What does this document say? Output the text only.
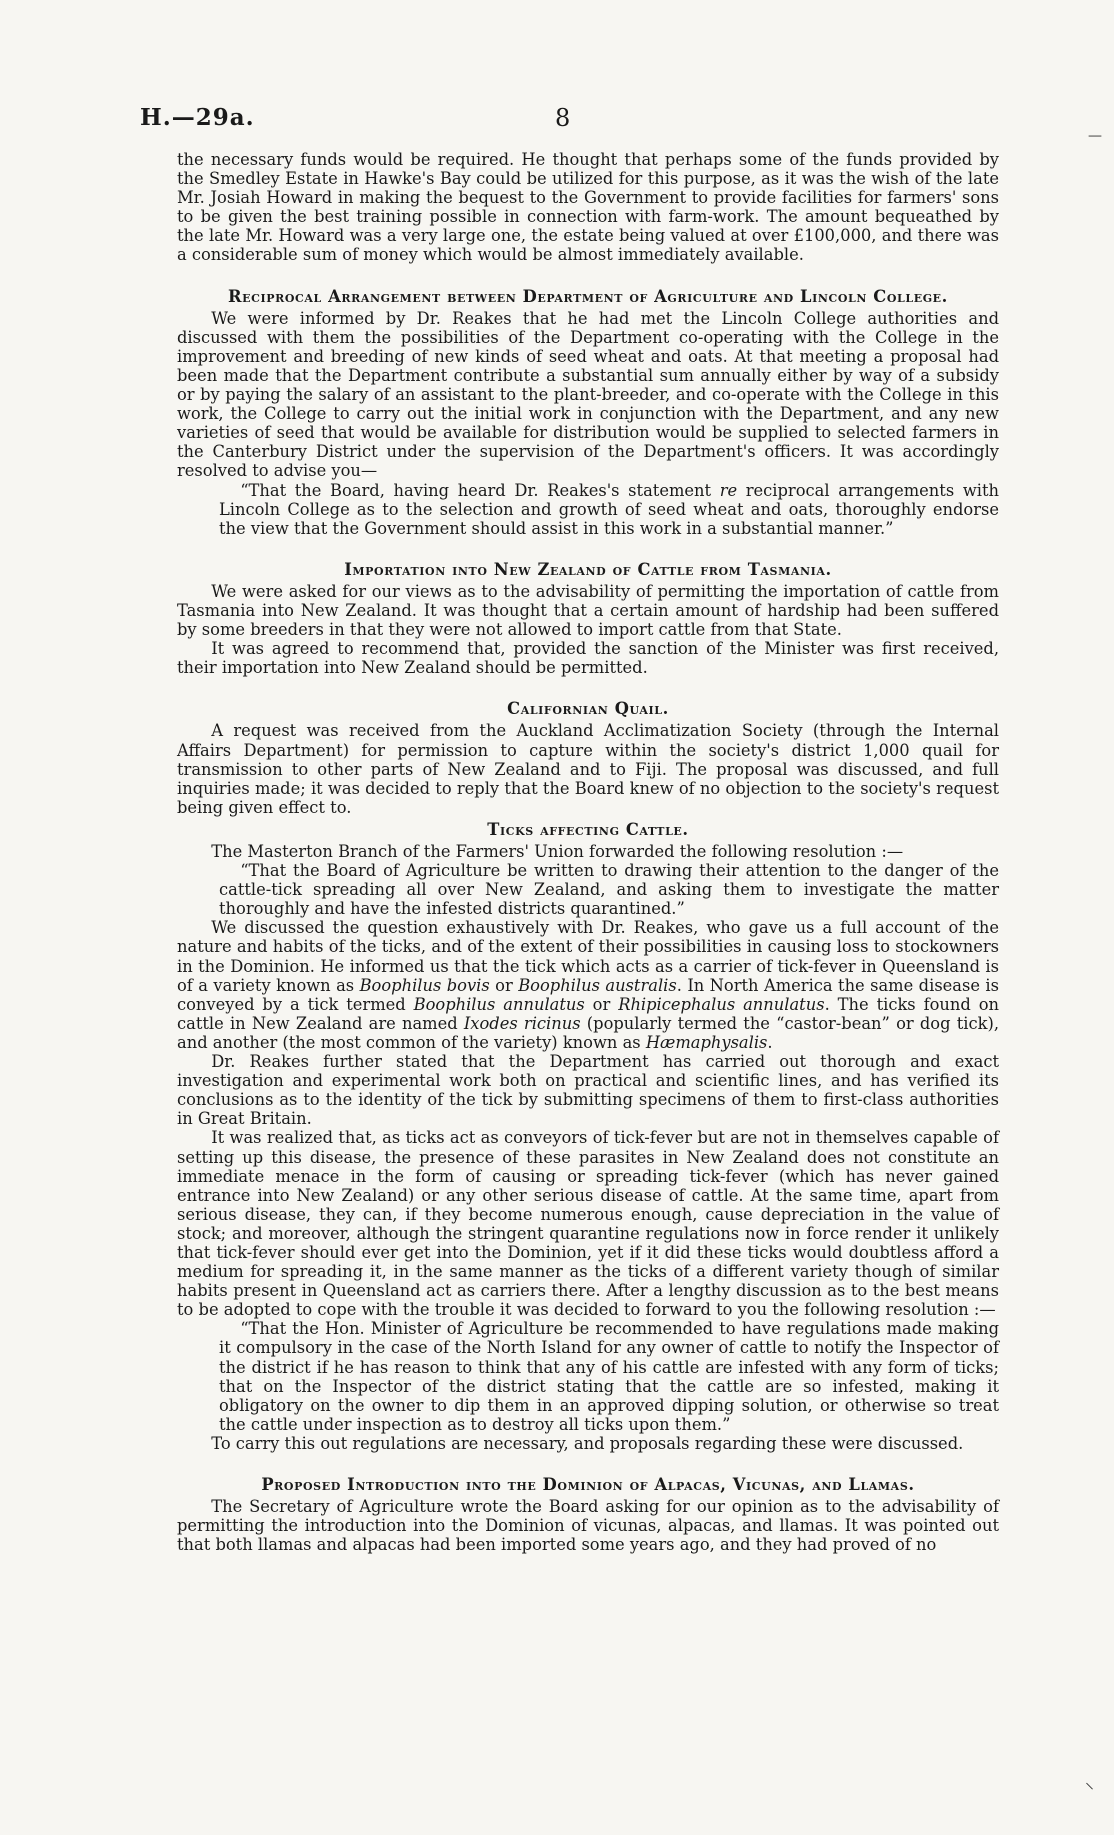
H.—29a.	8

the necessary funds would be required. He thought that perhaps some of the funds provided by the Smedley Estate in Hawke's Bay could be utilized for this purpose, as it was the wish of the late Mr. Josiah Howard in making the bequest to the Government to provide facilities for farmers' sons to be given the best training possible in connection with farm-work. The amount bequeathed by the late Mr. Howard was a very large one, the estate being valued at over £100,000, and there was a considerable sum of money which would be almost immediately available.

Reciprocal Arrangement between Department of Agriculture and Lincoln College.

We were informed by Dr. Reakes that he had met the Lincoln College authorities and discussed with them the possibilities of the Department co-operating with the College in the improvement and breeding of new kinds of seed wheat and oats. At that meeting a proposal had been made that the Department contribute a substantial sum annually either by way of a subsidy or by paying the salary of an assistant to the plant-breeder, and co-operate with the College in this work, the College to carry out the initial work in conjunction with the Department, and any new varieties of seed that would be available for distribution would be supplied to selected farmers in the Canterbury District under the supervision of the Department's officers. It was accordingly resolved to advise you—

“That the Board, having heard Dr. Reakes's statement re reciprocal arrangements with Lincoln College as to the selection and growth of seed wheat and oats, thoroughly endorse the view that the Government should assist in this work in a substantial manner.”

Importation into New Zealand of Cattle from Tasmania.

We were asked for our views as to the advisability of permitting the importation of cattle from Tasmania into New Zealand. It was thought that a certain amount of hardship had been suffered by some breeders in that they were not allowed to import cattle from that State.

It was agreed to recommend that, provided the sanction of the Minister was first received, their importation into New Zealand should be permitted.

Californian Quail.

A request was received from the Auckland Acclimatization Society (through the Internal Affairs Department) for permission to capture within the society's district 1,000 quail for transmission to other parts of New Zealand and to Fiji. The proposal was discussed, and full inquiries made; it was decided to reply that the Board knew of no objection to the society's request being given effect to.

Ticks affecting Cattle.

The Masterton Branch of the Farmers' Union forwarded the following resolution :—

“That the Board of Agriculture be written to drawing their attention to the danger of the cattle-tick spreading all over New Zealand, and asking them to investigate the matter thoroughly and have the infested districts quarantined.”

We discussed the question exhaustively with Dr. Reakes, who gave us a full account of the nature and habits of the ticks, and of the extent of their possibilities in causing loss to stockowners in the Dominion. He informed us that the tick which acts as a carrier of tick-fever in Queensland is of a variety known as Boophilus bovis or Boophilus australis. In North America the same disease is conveyed by a tick termed Boophilus annulatus or Rhipicephalus annulatus. The ticks found on cattle in New Zealand are named Ixodes ricinus (popularly termed the “castor-bean” or dog tick), and another (the most common of the variety) known as Hæmaphysalis.

Dr. Reakes further stated that the Department has carried out thorough and exact investigation and experimental work both on practical and scientific lines, and has verified its conclusions as to the identity of the tick by submitting specimens of them to first-class authorities in Great Britain.

It was realized that, as ticks act as conveyors of tick-fever but are not in themselves capable of setting up this disease, the presence of these parasites in New Zealand does not constitute an immediate menace in the form of causing or spreading tick-fever (which has never gained entrance into New Zealand) or any other serious disease of cattle. At the same time, apart from serious disease, they can, if they become numerous enough, cause depreciation in the value of stock; and moreover, although the stringent quarantine regulations now in force render it unlikely that tick-fever should ever get into the Dominion, yet if it did these ticks would doubtless afford a medium for spreading it, in the same manner as the ticks of a different variety though of similar habits present in Queensland act as carriers there. After a lengthy discussion as to the best means to be adopted to cope with the trouble it was decided to forward to you the following resolution :—

“That the Hon. Minister of Agriculture be recommended to have regulations made making it compulsory in the case of the North Island for any owner of cattle to notify the Inspector of the district if he has reason to think that any of his cattle are infested with any form of ticks; that on the Inspector of the district stating that the cattle are so infested, making it obligatory on the owner to dip them in an approved dipping solution, or otherwise so treat the cattle under inspection as to destroy all ticks upon them.”

To carry this out regulations are necessary, and proposals regarding these were discussed.

Proposed Introduction into the Dominion of Alpacas, Vicunas, and Llamas.

The Secretary of Agriculture wrote the Board asking for our opinion as to the advisability of permitting the introduction into the Dominion of vicunas, alpacas, and llamas. It was pointed out that both llamas and alpacas had been imported some years ago, and they had proved of no

—
⸜
